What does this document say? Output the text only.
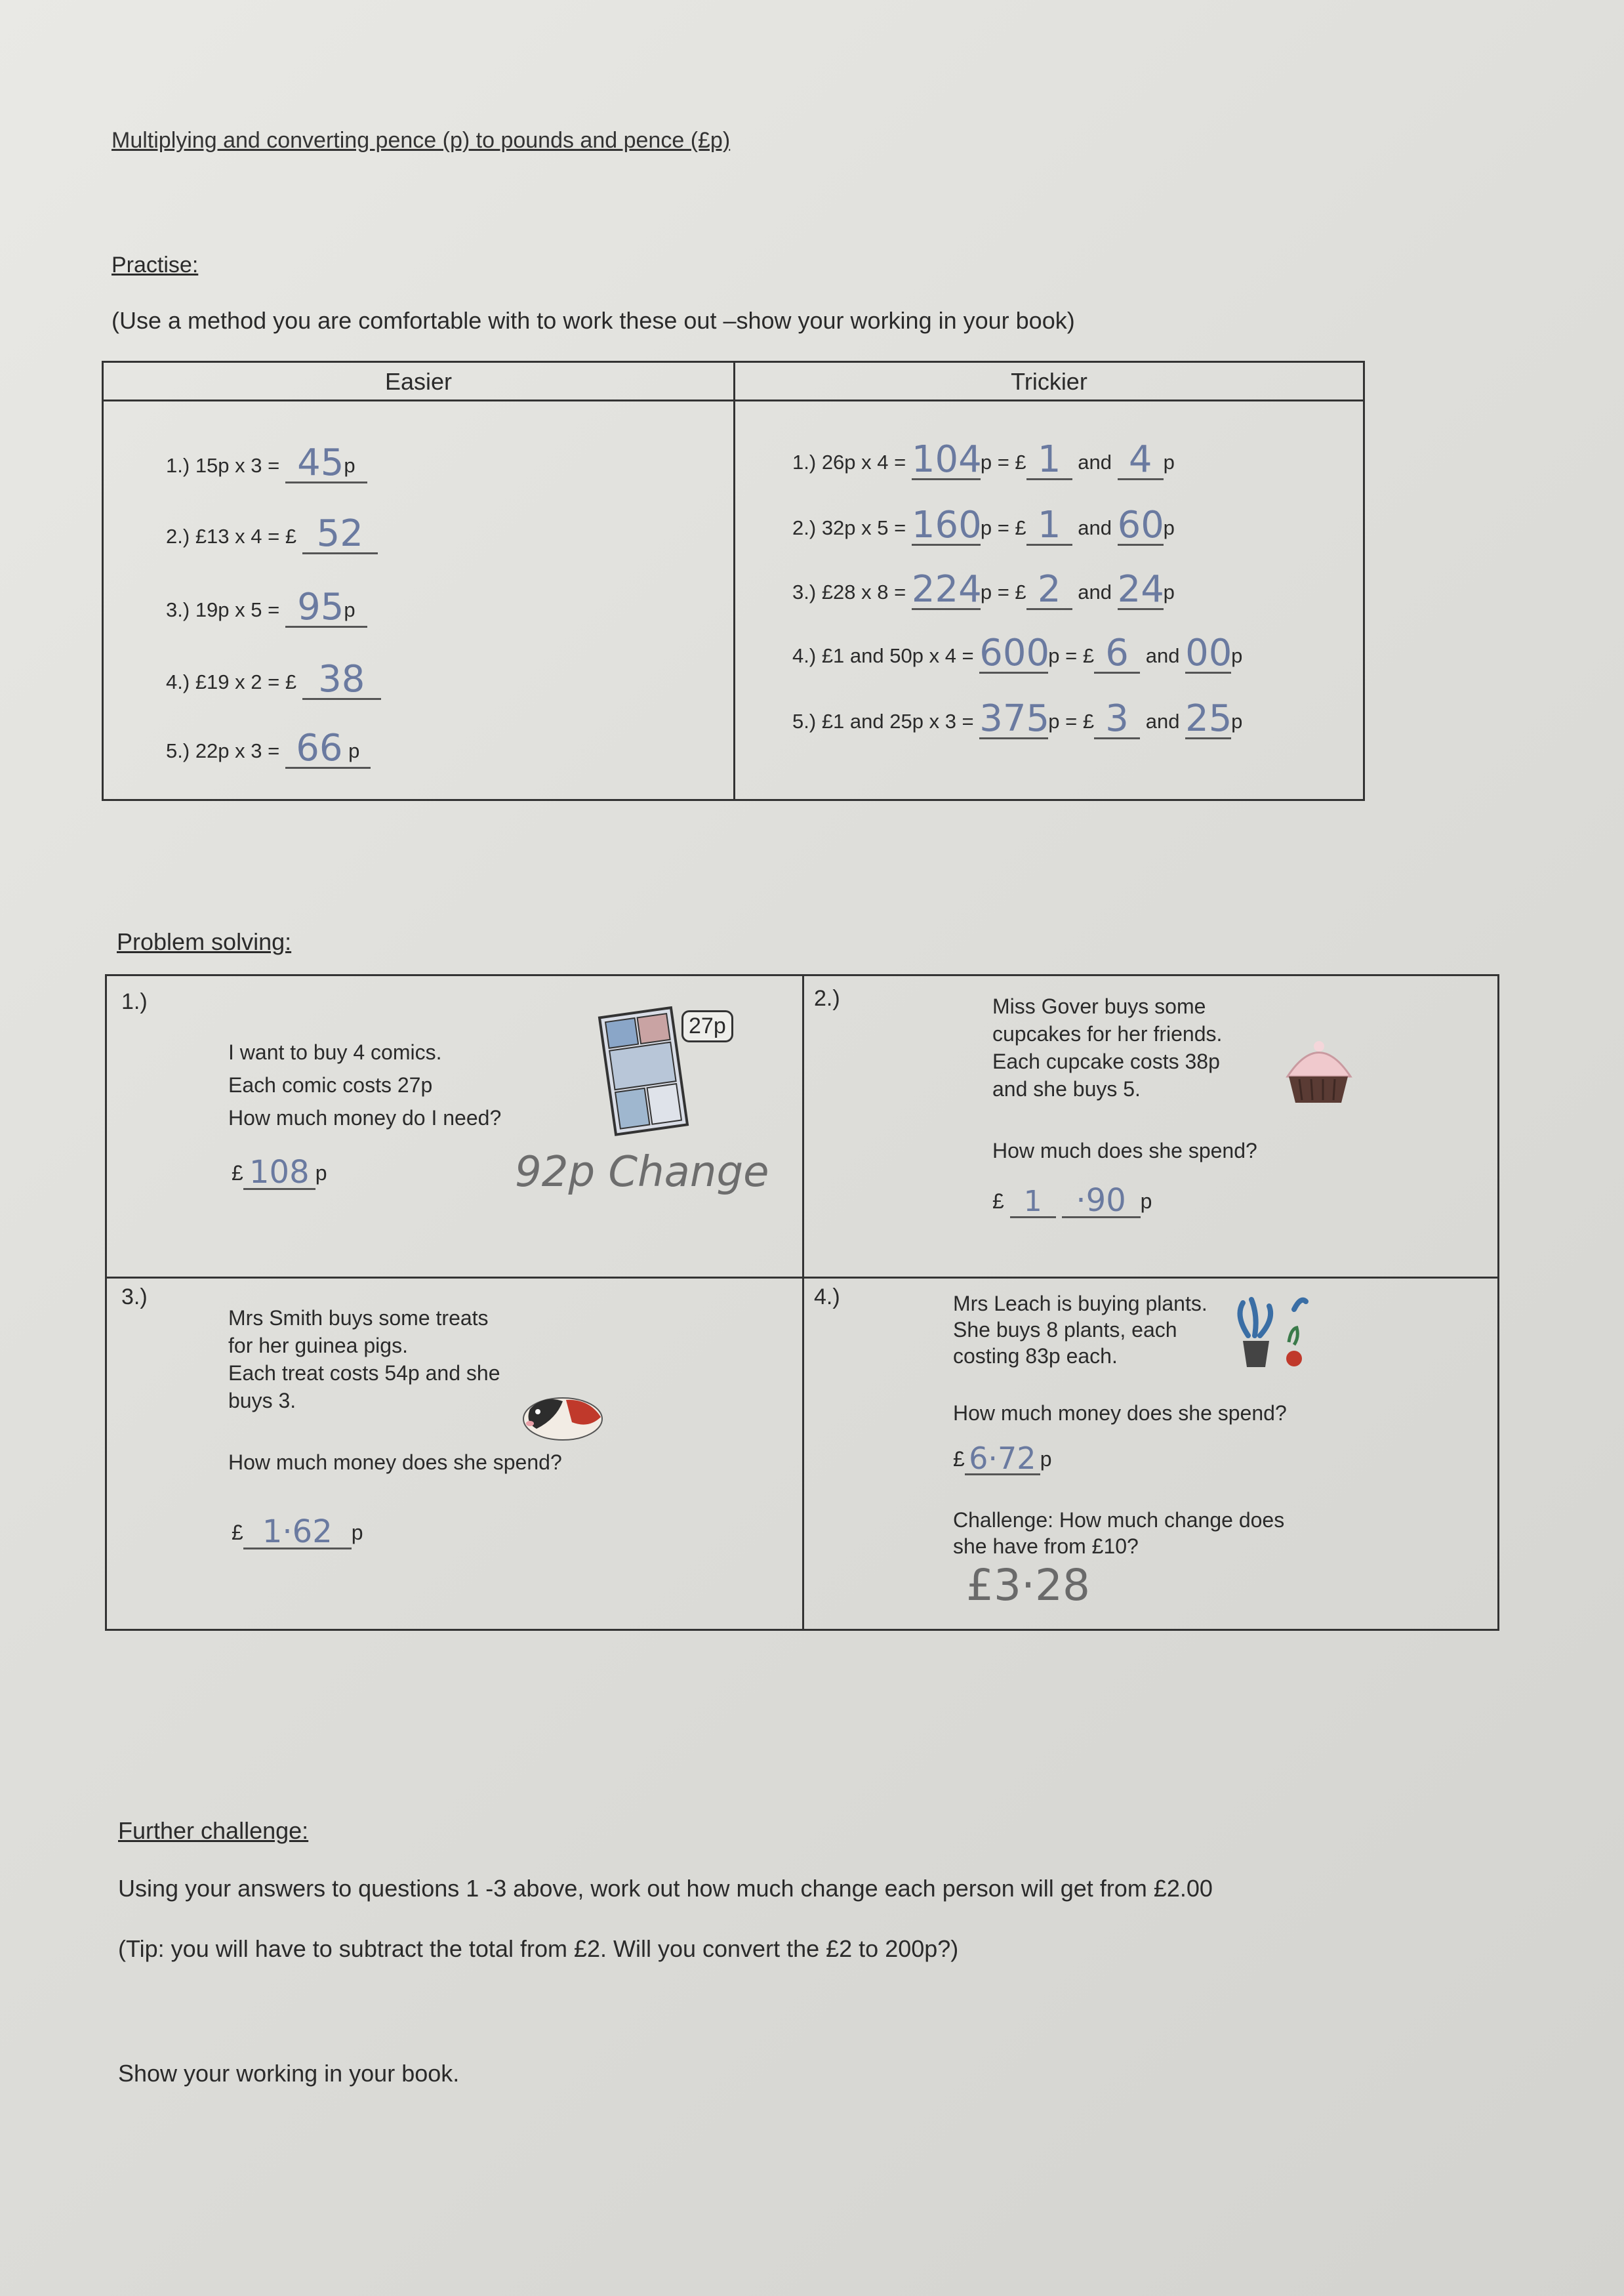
Multiplying and converting pence (p) to pounds and pence (£p)
Practise:
(Use a method you are comfortable with to work these out –show your working in your book)
Easier	Trickier
1.) 15p x 3 = 45p
2.) £13 x 4 = £ 52
3.) 19p x 5 = 95p
4.) £19 x 2 = £ 38
5.) 22p x 3 = 66 p
1.) 26p x 4 = 104p = £ 1 and 4 p
2.) 32p x 5 = 160p = £ 1 and 60p
3.) £28 x 8 = 224p = £ 2 and 24p
4.) £1 and 50p x 4 = 600p = £ 6 and 00p
5.) £1 and 25p x 3 = 375p = £ 3 and 25p
Problem solving:
1.)
I want to buy 4 comics.
Each comic costs 27p
How much money do I need?
27p
£ 108 p	92p Change
2.)	Miss Gover buys some
cupcakes for her friends.
Each cupcake costs 38p
and she buys 5.
How much does she spend?
£ 1 ·90 p
3.)
Mrs Smith buys some treats
for her guinea pigs.
Each treat costs 54p and she
buys 3.
How much money does she spend?
£ 1·62 p
4.)	Mrs Leach is buying plants.
She buys 8 plants, each
costing 83p each.
How much money does she spend?
£ 6·72 p
Challenge: How much change does
she have from £10?
£3·28
Further challenge:
Using your answers to questions 1 -3 above, work out how much change each person will get from £2.00
(Tip: you will have to subtract the total from £2. Will you convert the £2 to 200p?)
Show your working in your book.
